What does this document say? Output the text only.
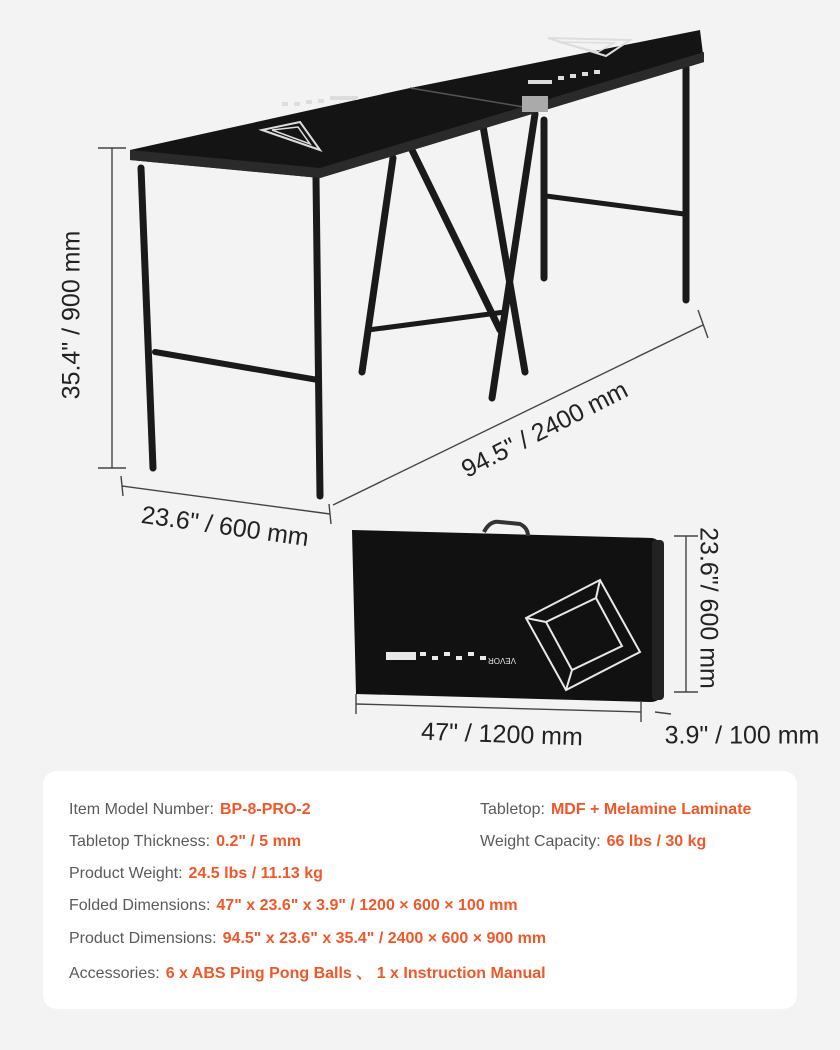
VEVOR
35.4" / 900 mm
23.6" / 600 mm
94.5" / 2400 mm
23.6"/ 600 mm
47" / 1200 mm	3.9" / 100 mm
Item Model Number: BP-8-PRO-2	Tabletop: MDF + Melamine Laminate
Tabletop Thickness: 0.2" / 5 mm	Weight Capacity: 66 lbs / 30 kg
Product Weight: 24.5 lbs / 11.13 kg
Folded Dimensions: 47" x 23.6" x 3.9" / 1200 × 600 × 100 mm
Product Dimensions: 94.5" x 23.6" x 35.4" / 2400 × 600 × 900 mm
Accessories: 6 x ABS Ping Pong Balls 、 1 x Instruction Manual
